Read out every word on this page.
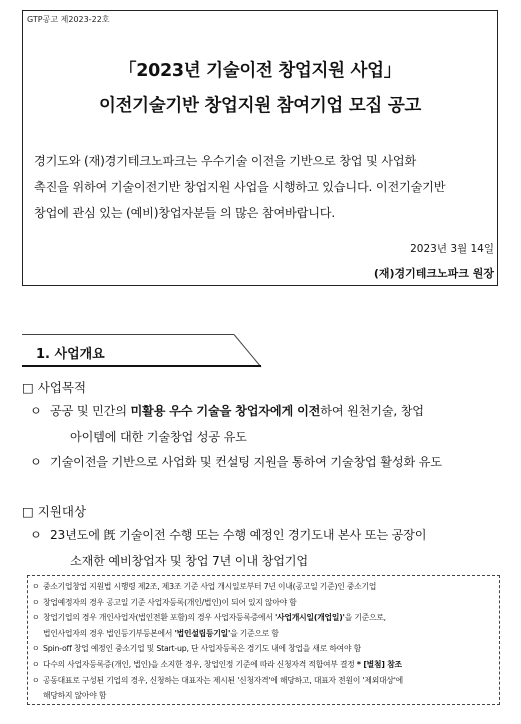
GTP공고 제2023-22호
「2023년 기술이전 창업지원 사업」
이전기술기반 창업지원 참여기업 모집 공고
경기도와 (재)경기테크노파크는 우수기술 이전을 기반으로 창업 및 사업화
촉진을 위하여 기술이전기반 창업지원 사업을 시행하고 있습니다. 이전기술기반
창업에 관심 있는 (예비)창업자분들 의 많은 참여바랍니다.
2023년 3월 14일
(재)경기테크노파크 원장
1. 사업개요
□ 사업목적
ㅇ 공공 및 민간의 미활용 우수 기술을 창업자에게 이전하여 원천기술, 창업
아이템에 대한 기술창업 성공 유도
ㅇ 기술이전을 기반으로 사업화 및 컨설팅 지원을 통하여 기술창업 활성화 유도
□ 지원대상
ㅇ 23년도에 旣 기술이전 수행 또는 수행 예정인 경기도내 본사 또는 공장이
소재한 예비창업자 및 창업 7년 이내 창업기업
ㅇ 중소기업창업 지원법 시행령 제2조, 제3조 기준 사업 개시일로부터 7년 이내(공고일 기준)인 중소기업
ㅇ 창업예정자의 경우 공고일 기준 사업자등록(개인/법인)이 되어 있지 않아야 함
ㅇ 창업기업의 경우 개인사업자(법인전환 포함)의 경우 사업자등록증에서 '사업개시일(개업일)'을 기준으로,
법인사업자의 경우 법인등기부등본에서 '법인설립등기일'을 기준으로 함
ㅇ Spin-off 창업 예정인 중소기업 및 Start-up, 단 사업자등록은 경기도 내에 창업을 새로 하여야 함
ㅇ 다수의 사업자등록증(개인, 법인)을 소지한 경우, 창업인정 기준에 따라 신청자격 적합여부 결정 * [별첨] 참조
ㅇ 공동대표로 구성된 기업의 경우, 신청하는 대표자는 제시된 '신청자격'에 해당하고, 대표자 전원이 '제외대상'에
해당하지 않아야 함
